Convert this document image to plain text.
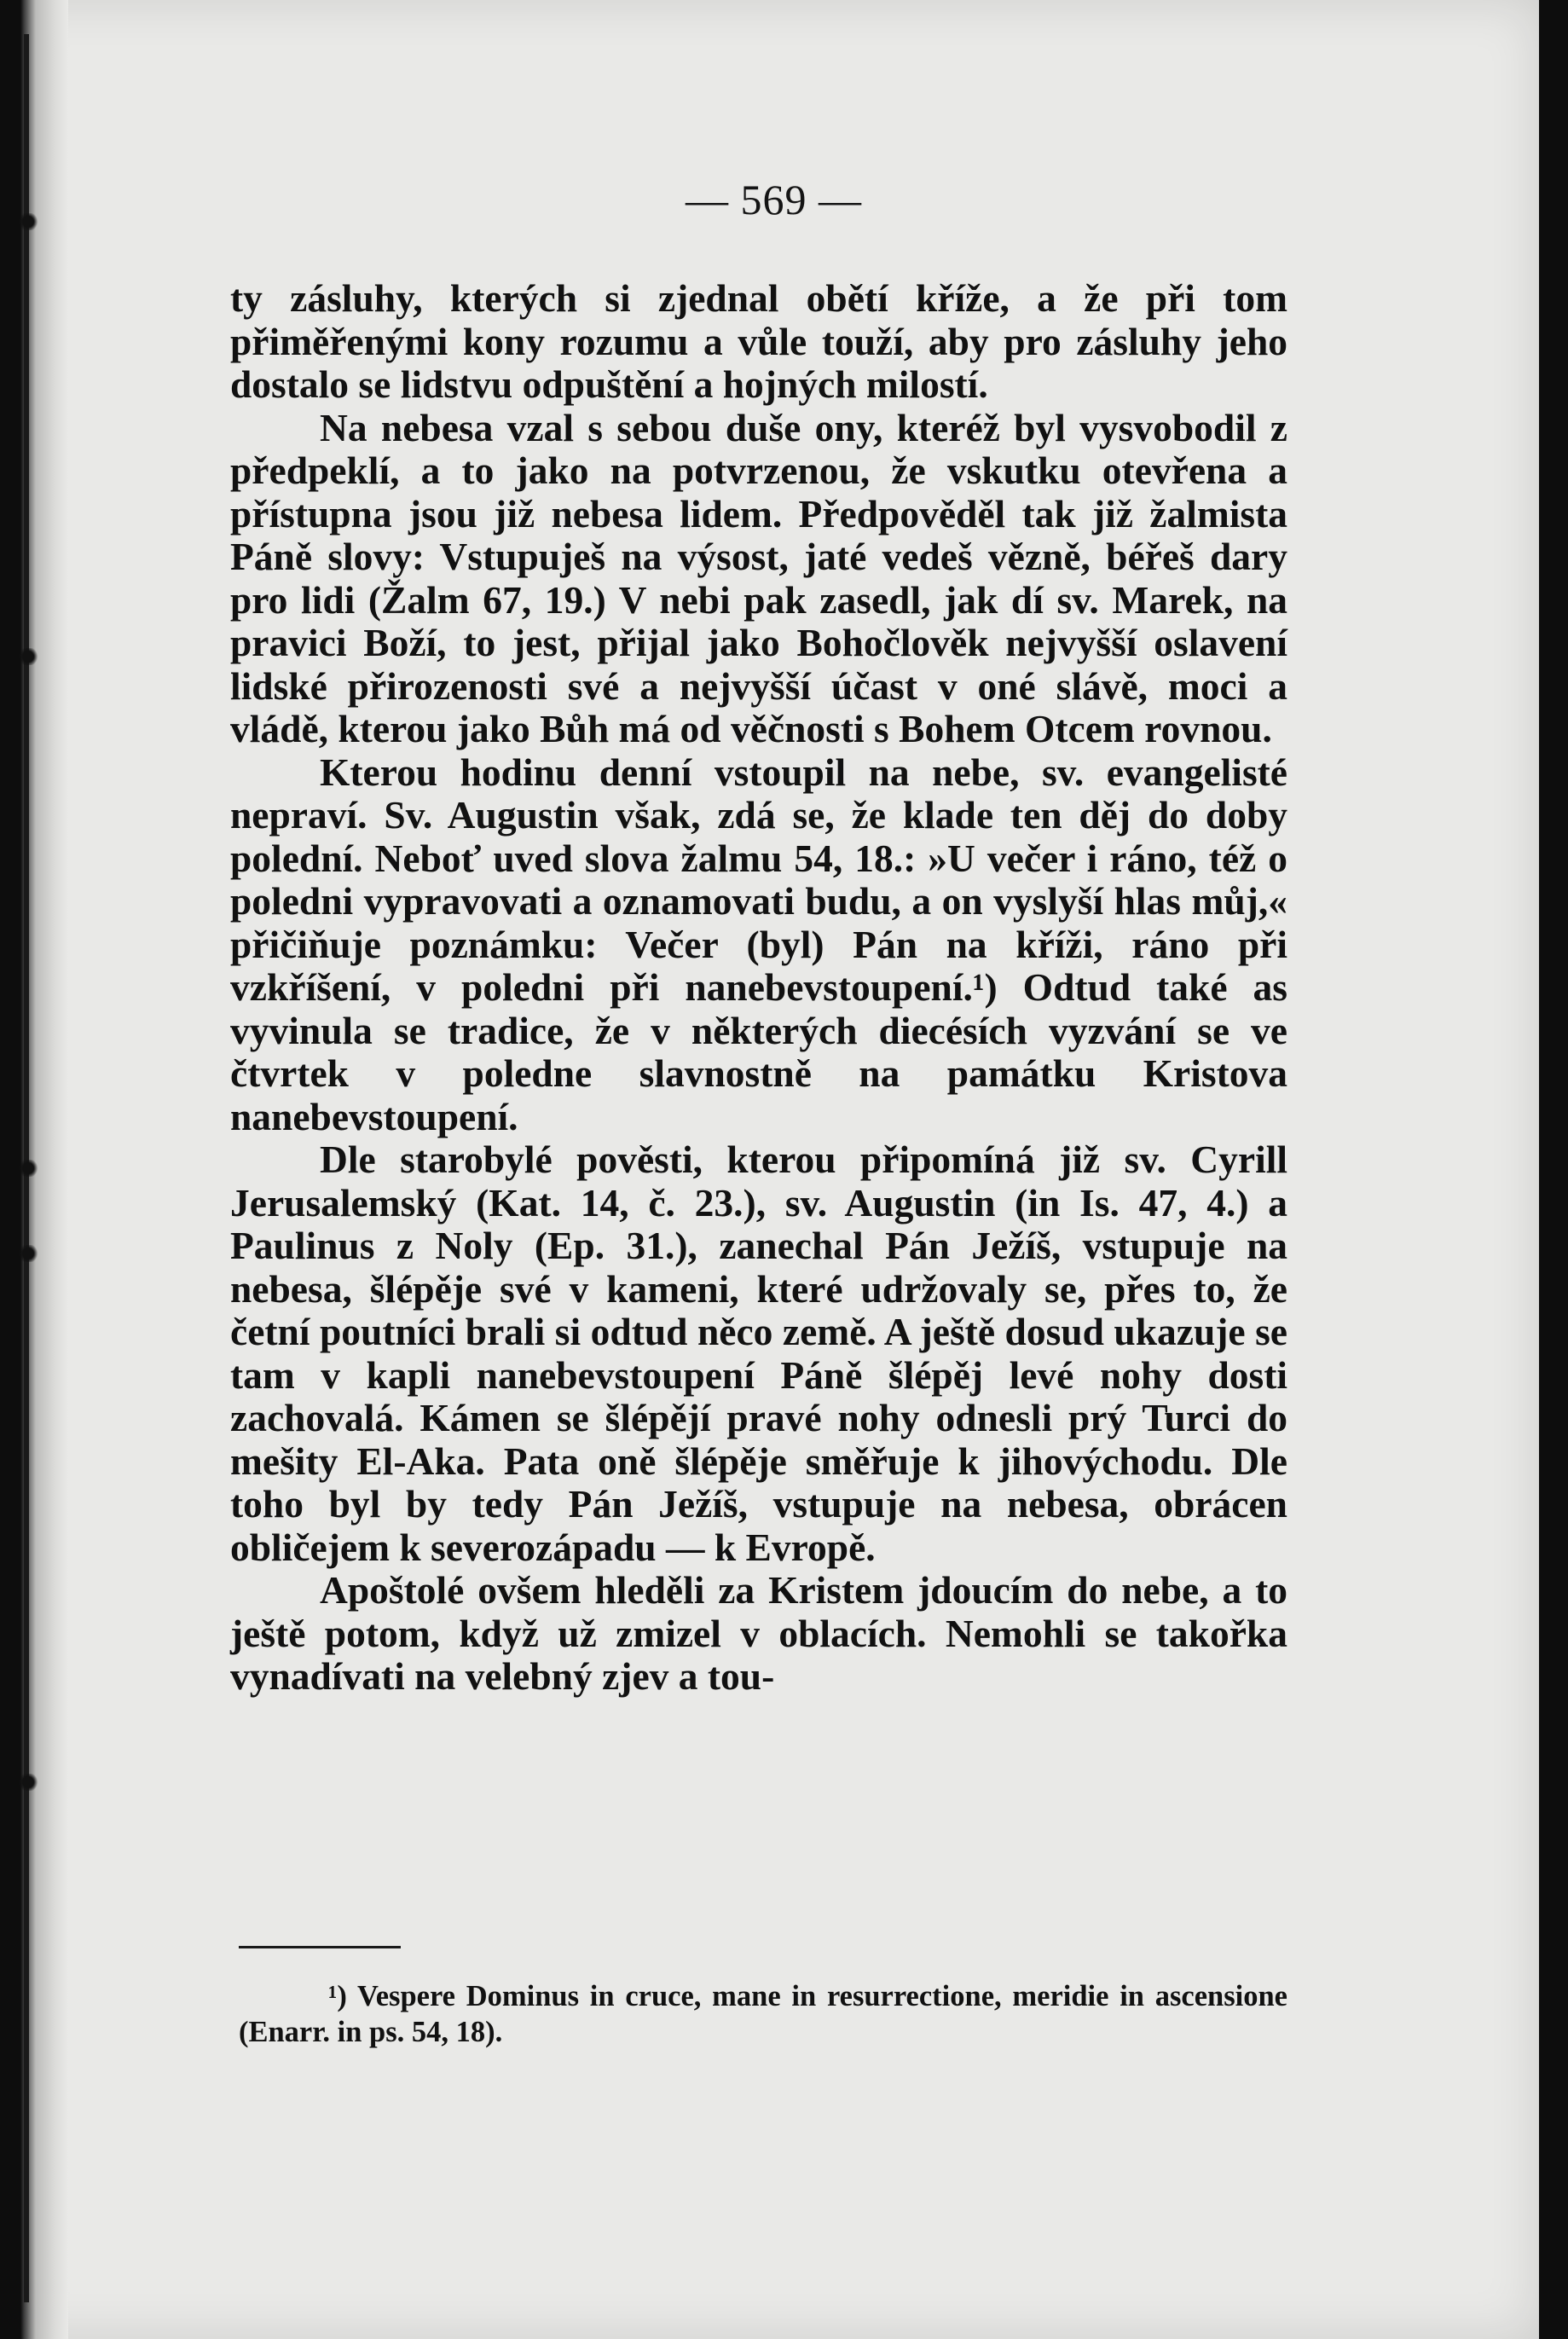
— 569 —

ty zásluhy, kterých si zjednal obětí kříže, a že při tom přiměřenými kony rozumu a vůle touží, aby pro zásluhy jeho dostalo se lidstvu odpuštění a hojných milostí.

Na nebesa vzal s sebou duše ony, kteréž byl vysvobodil z předpeklí, a to jako na potvrzenou, že vskutku otevřena a přístupna jsou již nebesa lidem. Předpověděl tak již žalmista Páně slovy: Vstupuješ na výsost, jaté vedeš vězně, béřeš dary pro lidi (Žalm 67, 19.) V nebi pak zasedl, jak dí sv. Marek, na pravici Boží, to jest, přijal jako Bohočlověk nejvyšší oslavení lidské přirozenosti své a nejvyšší účast v oné slávě, moci a vládě, kterou jako Bůh má od věčnosti s Bohem Otcem rovnou.

Kterou hodinu denní vstoupil na nebe, sv. evangelisté nepraví. Sv. Augustin však, zdá se, že klade ten děj do doby polední. Neboť uved slova žalmu 54, 18.: »U večer i ráno, též o poledni vypravovati a oznamovati budu, a on vyslyší hlas můj,« přičiňuje poznámku: Večer (byl) Pán na kříži, ráno při vzkříšení, v poledni při nanebevstoupení.¹) Odtud také as vyvinula se tradice, že v některých diecésích vyzvání se ve čtvrtek v poledne slavnostně na památku Kristova nanebevstoupení.

Dle starobylé pověsti, kterou připomíná již sv. Cyrill Jerusalemský (Kat. 14, č. 23.), sv. Augustin (in Is. 47, 4.) a Paulinus z Noly (Ep. 31.), zanechal Pán Ježíš, vstupuje na nebesa, šlépěje své v kameni, které udržovaly se, přes to, že četní poutníci brali si odtud něco země. A ještě dosud ukazuje se tam v kapli nanebevstoupení Páně šlépěj levé nohy dosti zachovalá. Kámen se šlépějí pravé nohy odnesli prý Turci do mešity El-Aka. Pata oně šlépěje směřuje k jihovýchodu. Dle toho byl by tedy Pán Ježíš, vstupuje na nebesa, obrácen obličejem k severozápadu — k Evropě.

Apoštolé ovšem hleděli za Kristem jdoucím do nebe, a to ještě potom, když už zmizel v oblacích. Nemohli se takořka vynadívati na velebný zjev a tou-

¹) Vespere Dominus in cruce, mane in resurrectione, meridie in ascensione (Enarr. in ps. 54, 18).
